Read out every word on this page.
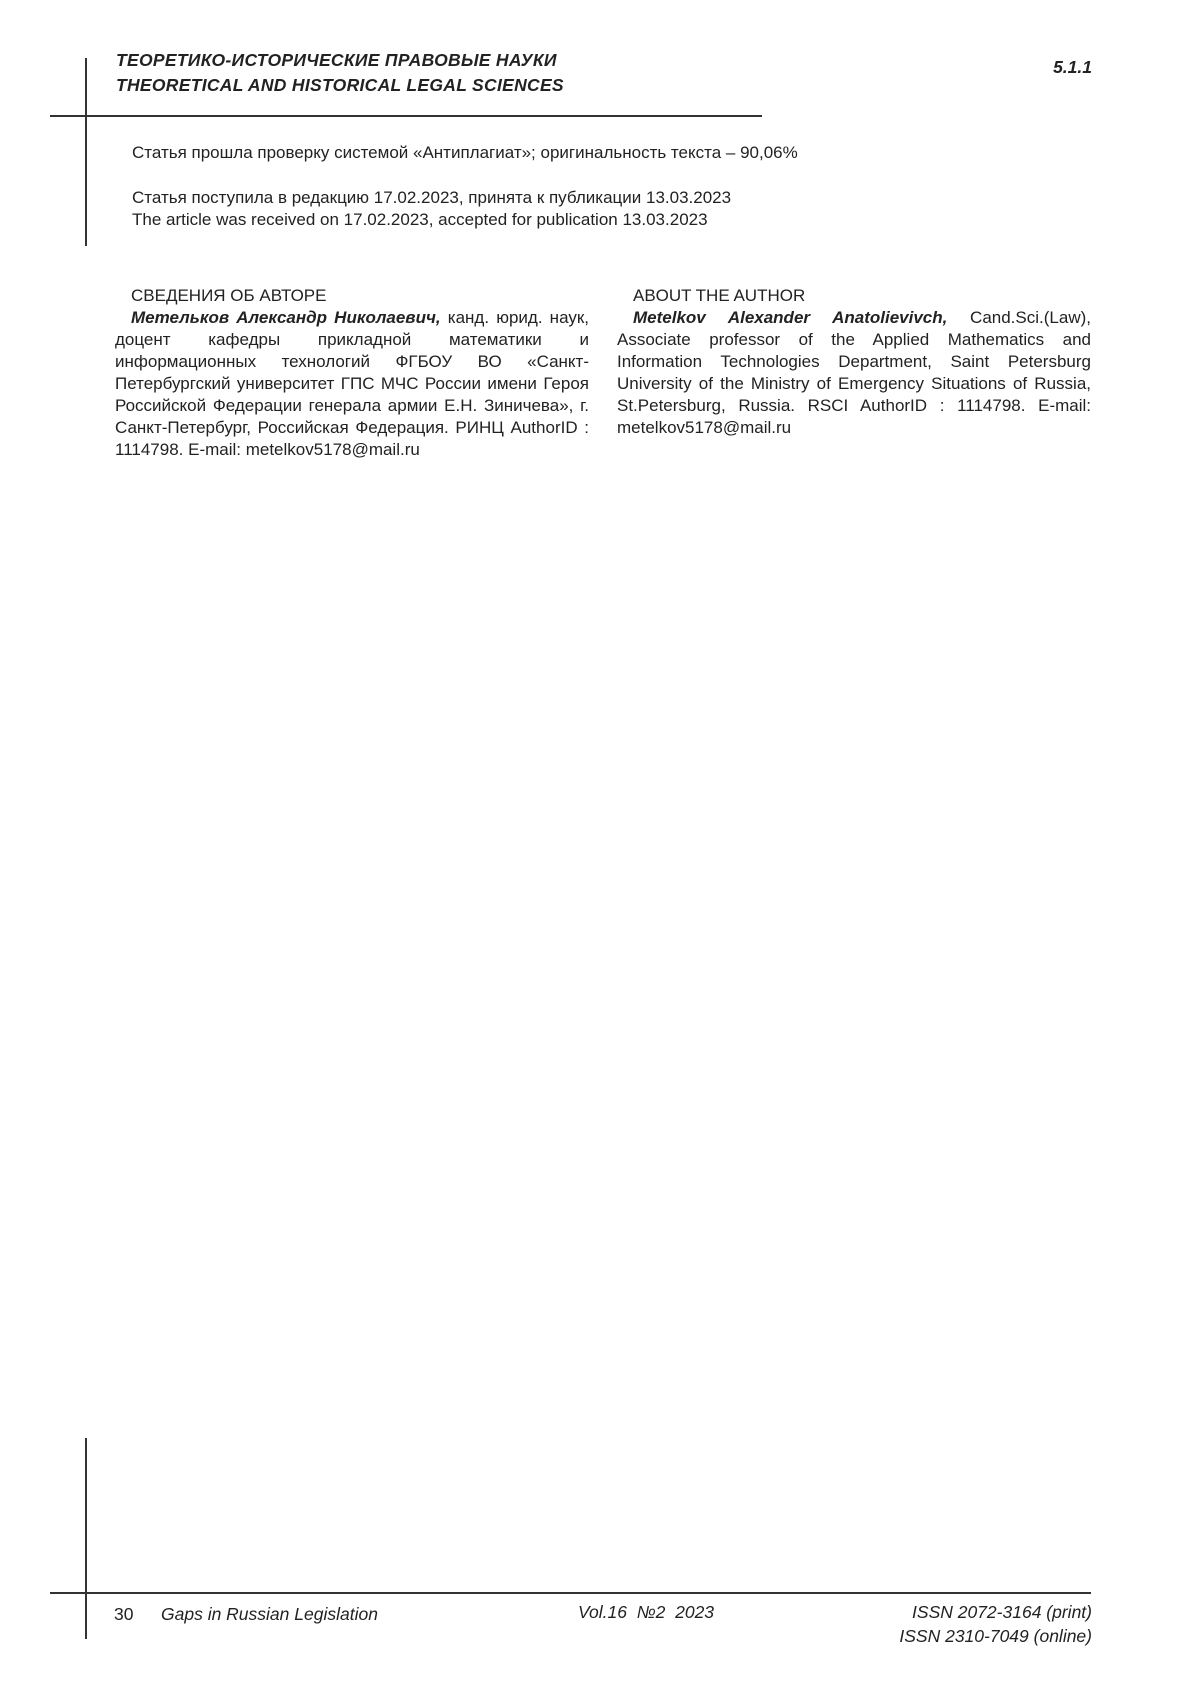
ТЕОРЕТИКО-ИСТОРИЧЕСКИЕ ПРАВОВЫЕ НАУКИ
THEORETICAL AND HISTORICAL LEGAL SCIENCES
5.1.1
Статья прошла проверку системой «Антиплагиат»; оригинальность текста – 90,06%
Статья поступила в редакцию 17.02.2023, принята к публикации 13.03.2023
The article was received on 17.02.2023, accepted for publication 13.03.2023
СВЕДЕНИЯ ОБ АВТОРЕ

Метельков Александр Николаевич, канд. юрид. наук, доцент кафедры прикладной математики и информационных технологий ФГБОУ ВО «Санкт-Петербургский университет ГПС МЧС России имени Героя Российской Федерации генерала армии Е.Н. Зиничева», г. Санкт-Петербург, Российская Федерация. РИНЦ AuthorID : 1114798. E-mail: metelkov5178@mail.ru

ABOUT THE AUTHOR

Metelkov Alexander Anatolievivch, Cand.Sci.(Law), Associate professor of the Applied Mathematics and Information Technologies Department, Saint Petersburg University of the Ministry of Emergency Situations of Russia, St.Petersburg, Russia. RSCI AuthorID : 1114798. E-mail: metelkov5178@mail.ru

30 Gaps in Russian Legislation	Vol.16  №2  2023	ISSN 2072-3164 (print)
ISSN 2310-7049 (online)
